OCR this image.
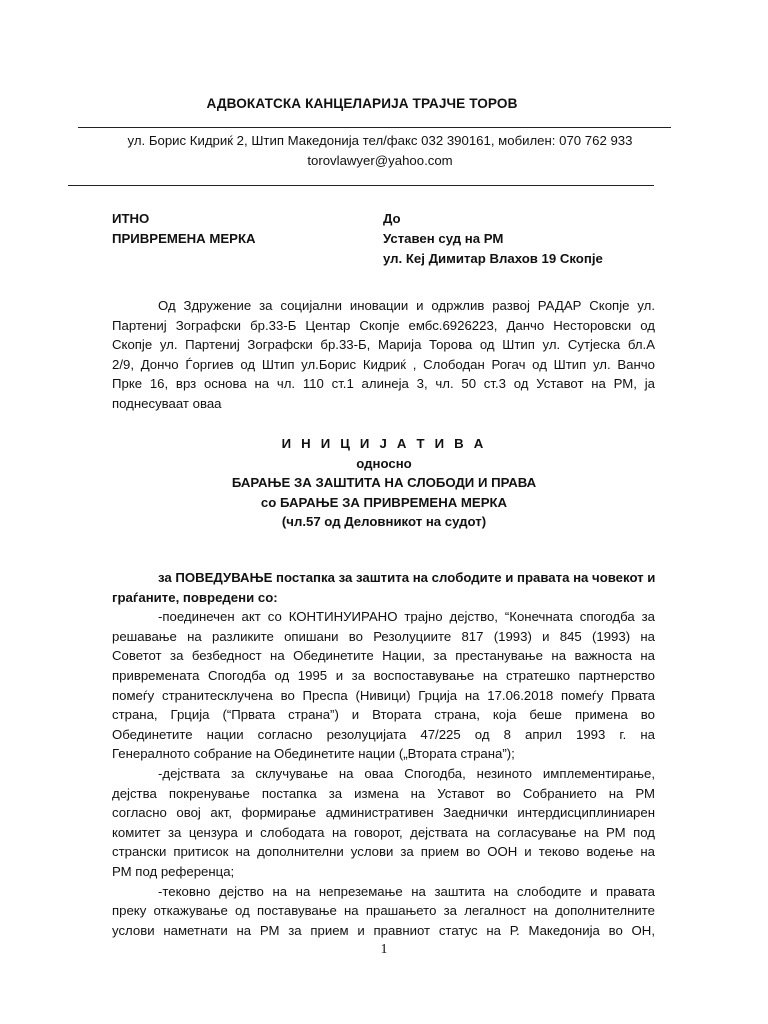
АДВОКАТСКА КАНЦЕЛАРИЈА ТРАЈЧЕ ТОРОВ
ул. Борис Кидриќ 2, Штип Македонија тел/факс 032 390161, мобилен: 070 762 933
torovlawyer@yahoo.com
ИТНО
ПРИВРЕМЕНА МЕРКА
До
Уставен суд на РМ
ул. Кеј Димитар Влахов 19 Скопје
Од Здружение за социјални иновации и одржлив развој РАДАР Скопје ул.
Партениј Зографски бр.33-Б Центар Скопје ембс.6926223, Данчо Несторовски од
Скопје ул. Партениј Зографски бр.33-Б, Марија Торова од Штип ул. Сутјеска бл.А
2/9, Дончо Ѓоргиев од Штип ул.Борис Кидриќ , Слободан Рогач од Штип ул. Ванчо
Прке 16, врз основа на чл. 110 ст.1 алинеја 3, чл. 50 ст.3 од Уставот на РМ, ја
поднесуваат оваа
И Н И Ц И Ј А Т И В А
односно
БАРАЊЕ ЗА ЗАШТИТА НА СЛОБОДИ И ПРАВА
со БАРАЊЕ ЗА ПРИВРЕМЕНА МЕРКА
(чл.57 од Деловникот на судот)
за ПОВЕДУВАЊЕ постапка за заштита на слободите и правата на човекот и
граѓаните, повредени со:
-поединечен акт со КОНТИНУИРАНО трајно дејство, “Конечната спогодба за
решавање на разликите опишани во Резолуциите 817 (1993) и 845 (1993) на
Советот за безбедност на Обединетите Нации, за престанување на важноста на
привремената Спогодба од 1995 и за воспоставување на стратешко партнерство
помеѓу странитесклучена во Преспа (Нивици) Грција на 17.06.2018 помеѓу Првата
страна, Грција (“Првата страна”) и Втората страна, која беше примена во
Обединетите нации согласно резолуцијата 47/225 од 8 април 1993 г. на
Генералното собрание на Обединетите нации („Втората страна”);
-дејствата за склучување на оваа Спогодба, незиното имплементирање,
дејства покренување постапка за измена на Уставот во Собранието на РМ
согласно овој акт, формирање административен Заеднички интердисциплиниарен
комитет за цензура и слободата на говорот, дејствата на согласување на РМ под
странски притисок на дополнителни услови за прием во ООН и теково водење на
РМ под референца;
-тековно дејство на на непреземање на заштита на слободите и правата
преку откажување од поставување на прашањето за легалност на дополнителните
услови наметнати на РМ за прием и правниот статус на Р. Македонија во ОН,
1
